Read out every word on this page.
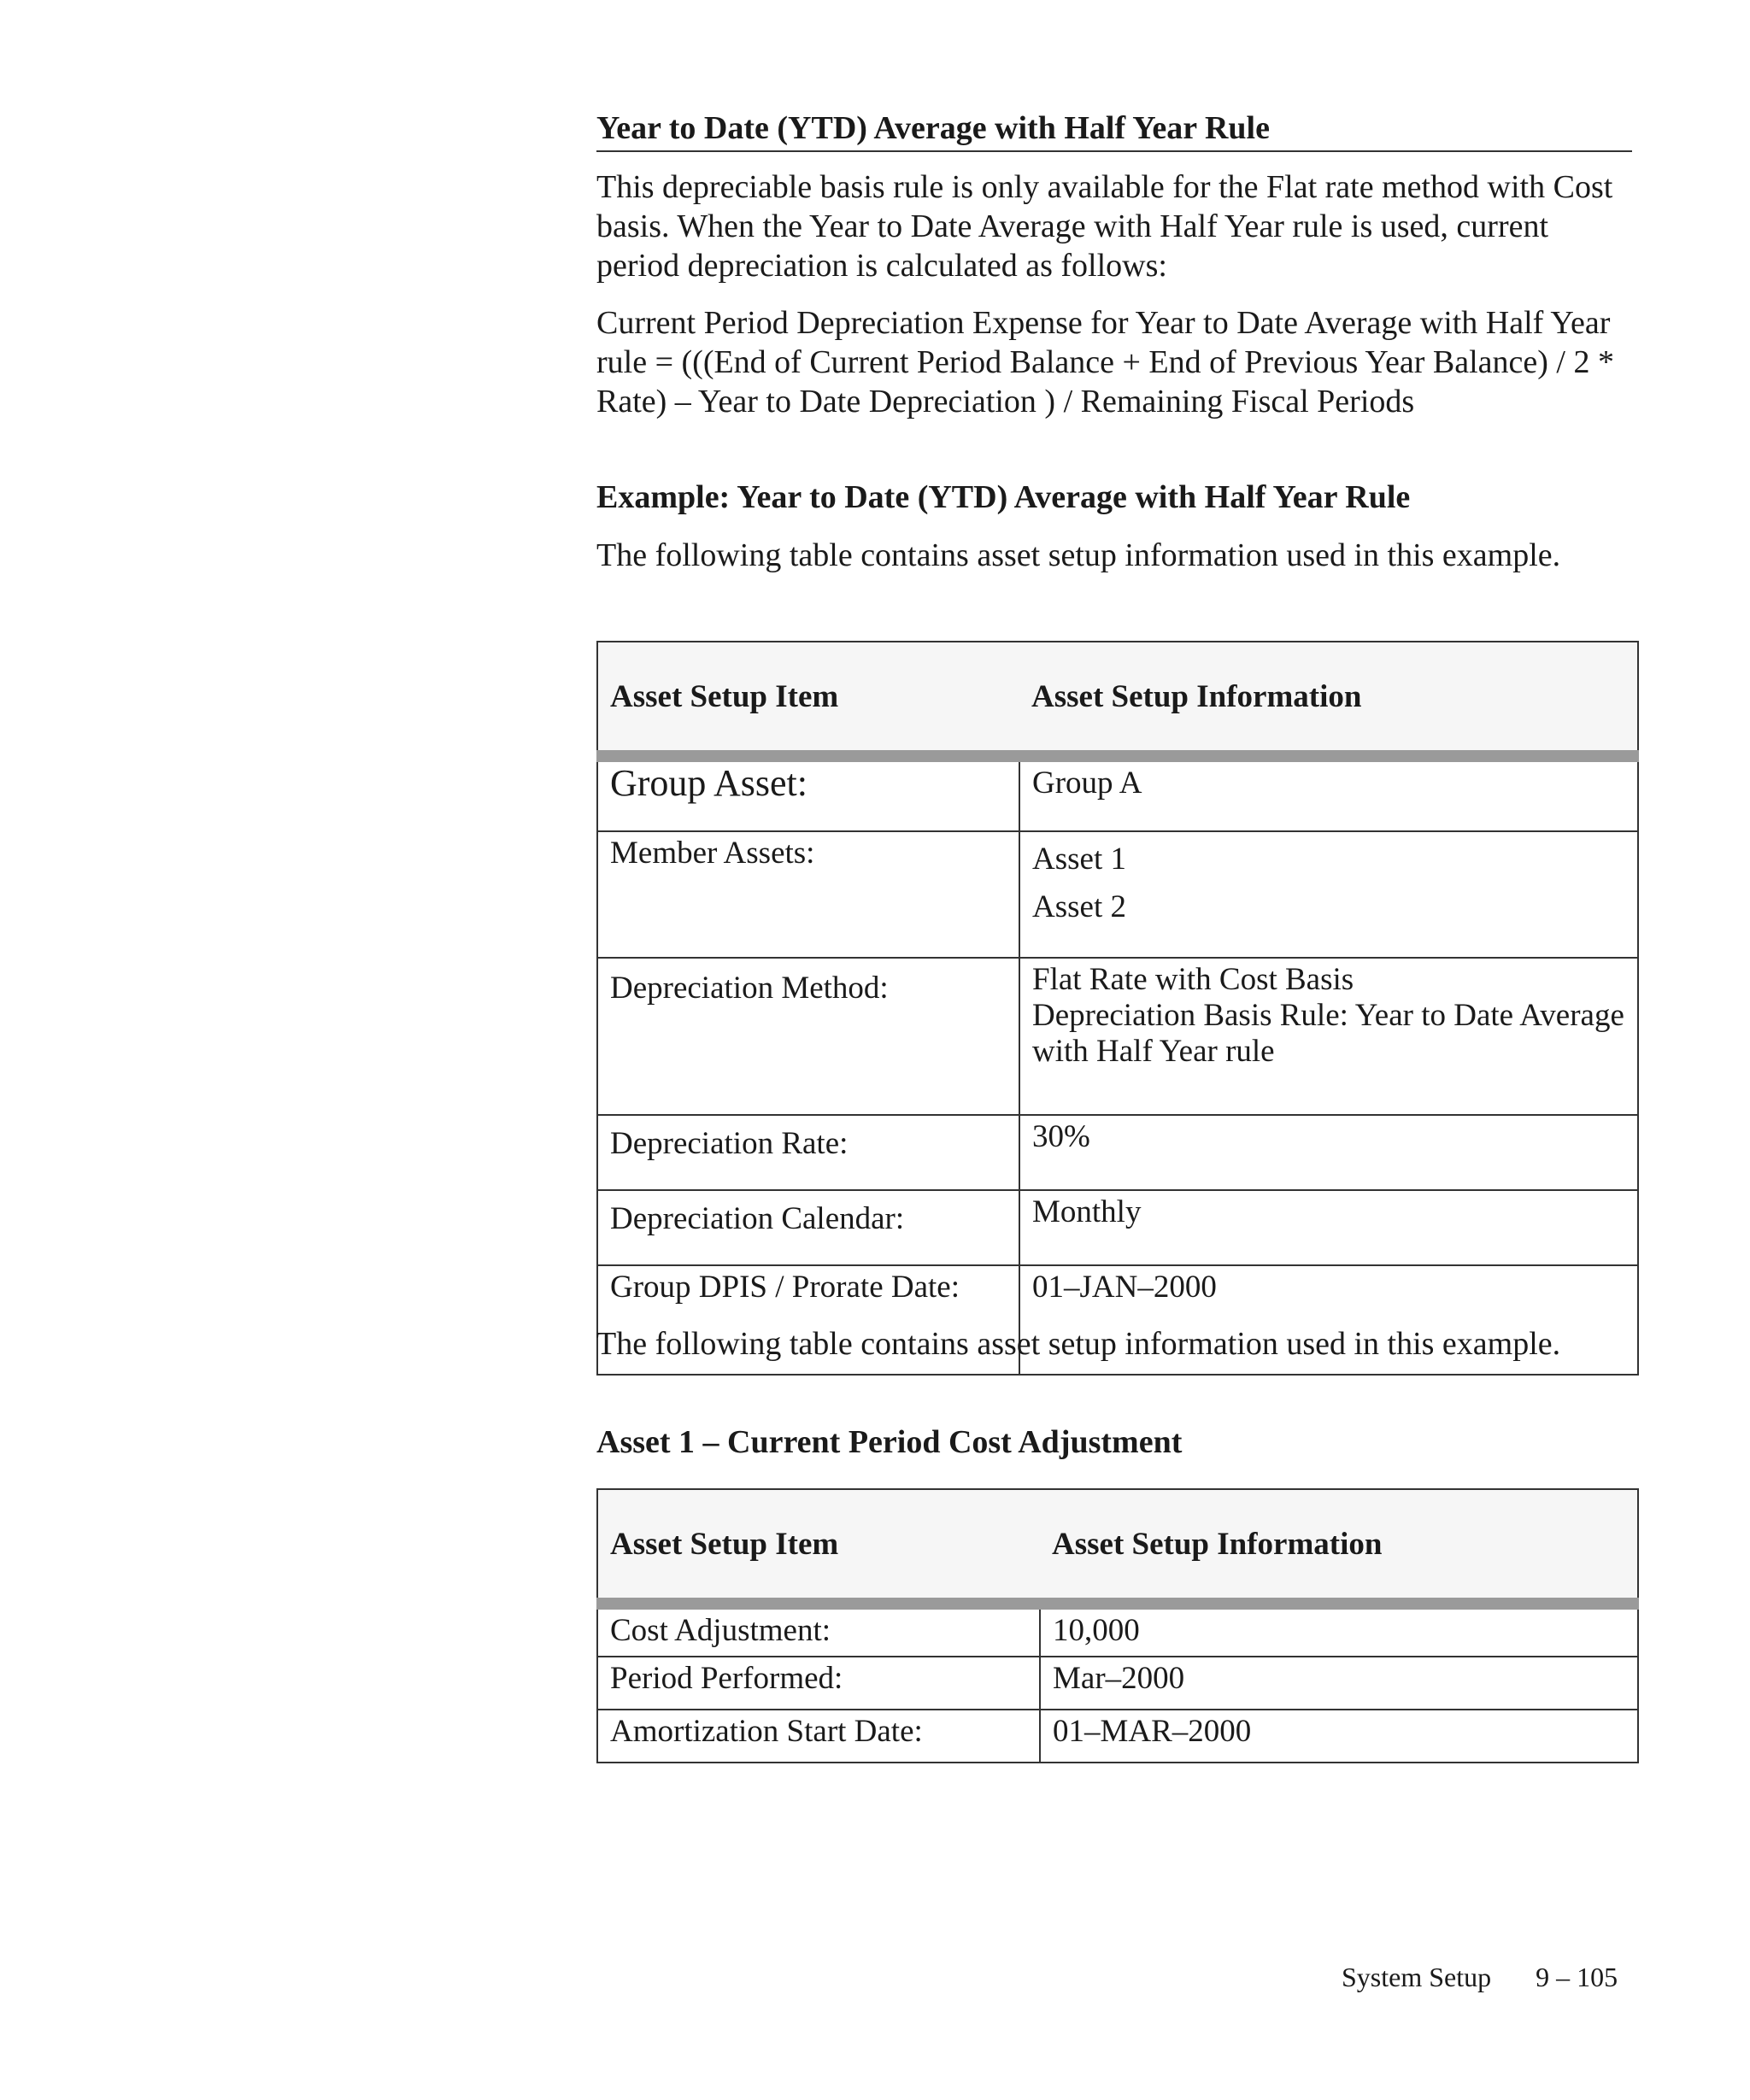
Year to Date (YTD) Average with Half Year Rule
This depreciable basis rule is only available for the Flat rate method with Cost basis. When the Year to Date Average with Half Year rule is used, current period depreciation is calculated as follows:
Current Period Depreciation Expense for Year to Date Average with Half Year rule = (((End of Current Period Balance + End of Previous Year Balance) / 2 * Rate) – Year to Date Depreciation ) / Remaining Fiscal Periods
Example: Year to Date (YTD) Average with Half Year Rule
The following table contains asset setup information used in this example.
Asset Setup Item	Asset Setup Information
Group Asset:	Group A
Member Assets:	Asset 1
Asset 2

Depreciation Method:	Flat Rate with Cost Basis
Depreciation Basis Rule: Year to Date Average with Half Year rule

Depreciation Rate:	30%
Depreciation Calendar:	Monthly
Group DPIS / Prorate Date:	01–JAN–2000
The following table contains asset setup information used in this example.
Asset 1 – Current Period Cost Adjustment
Asset Setup Item	Asset Setup Information
Cost Adjustment:	10,000
Period Performed:	Mar–2000
Amortization Start Date:	01–MAR–2000
System Setup 9 – 105
